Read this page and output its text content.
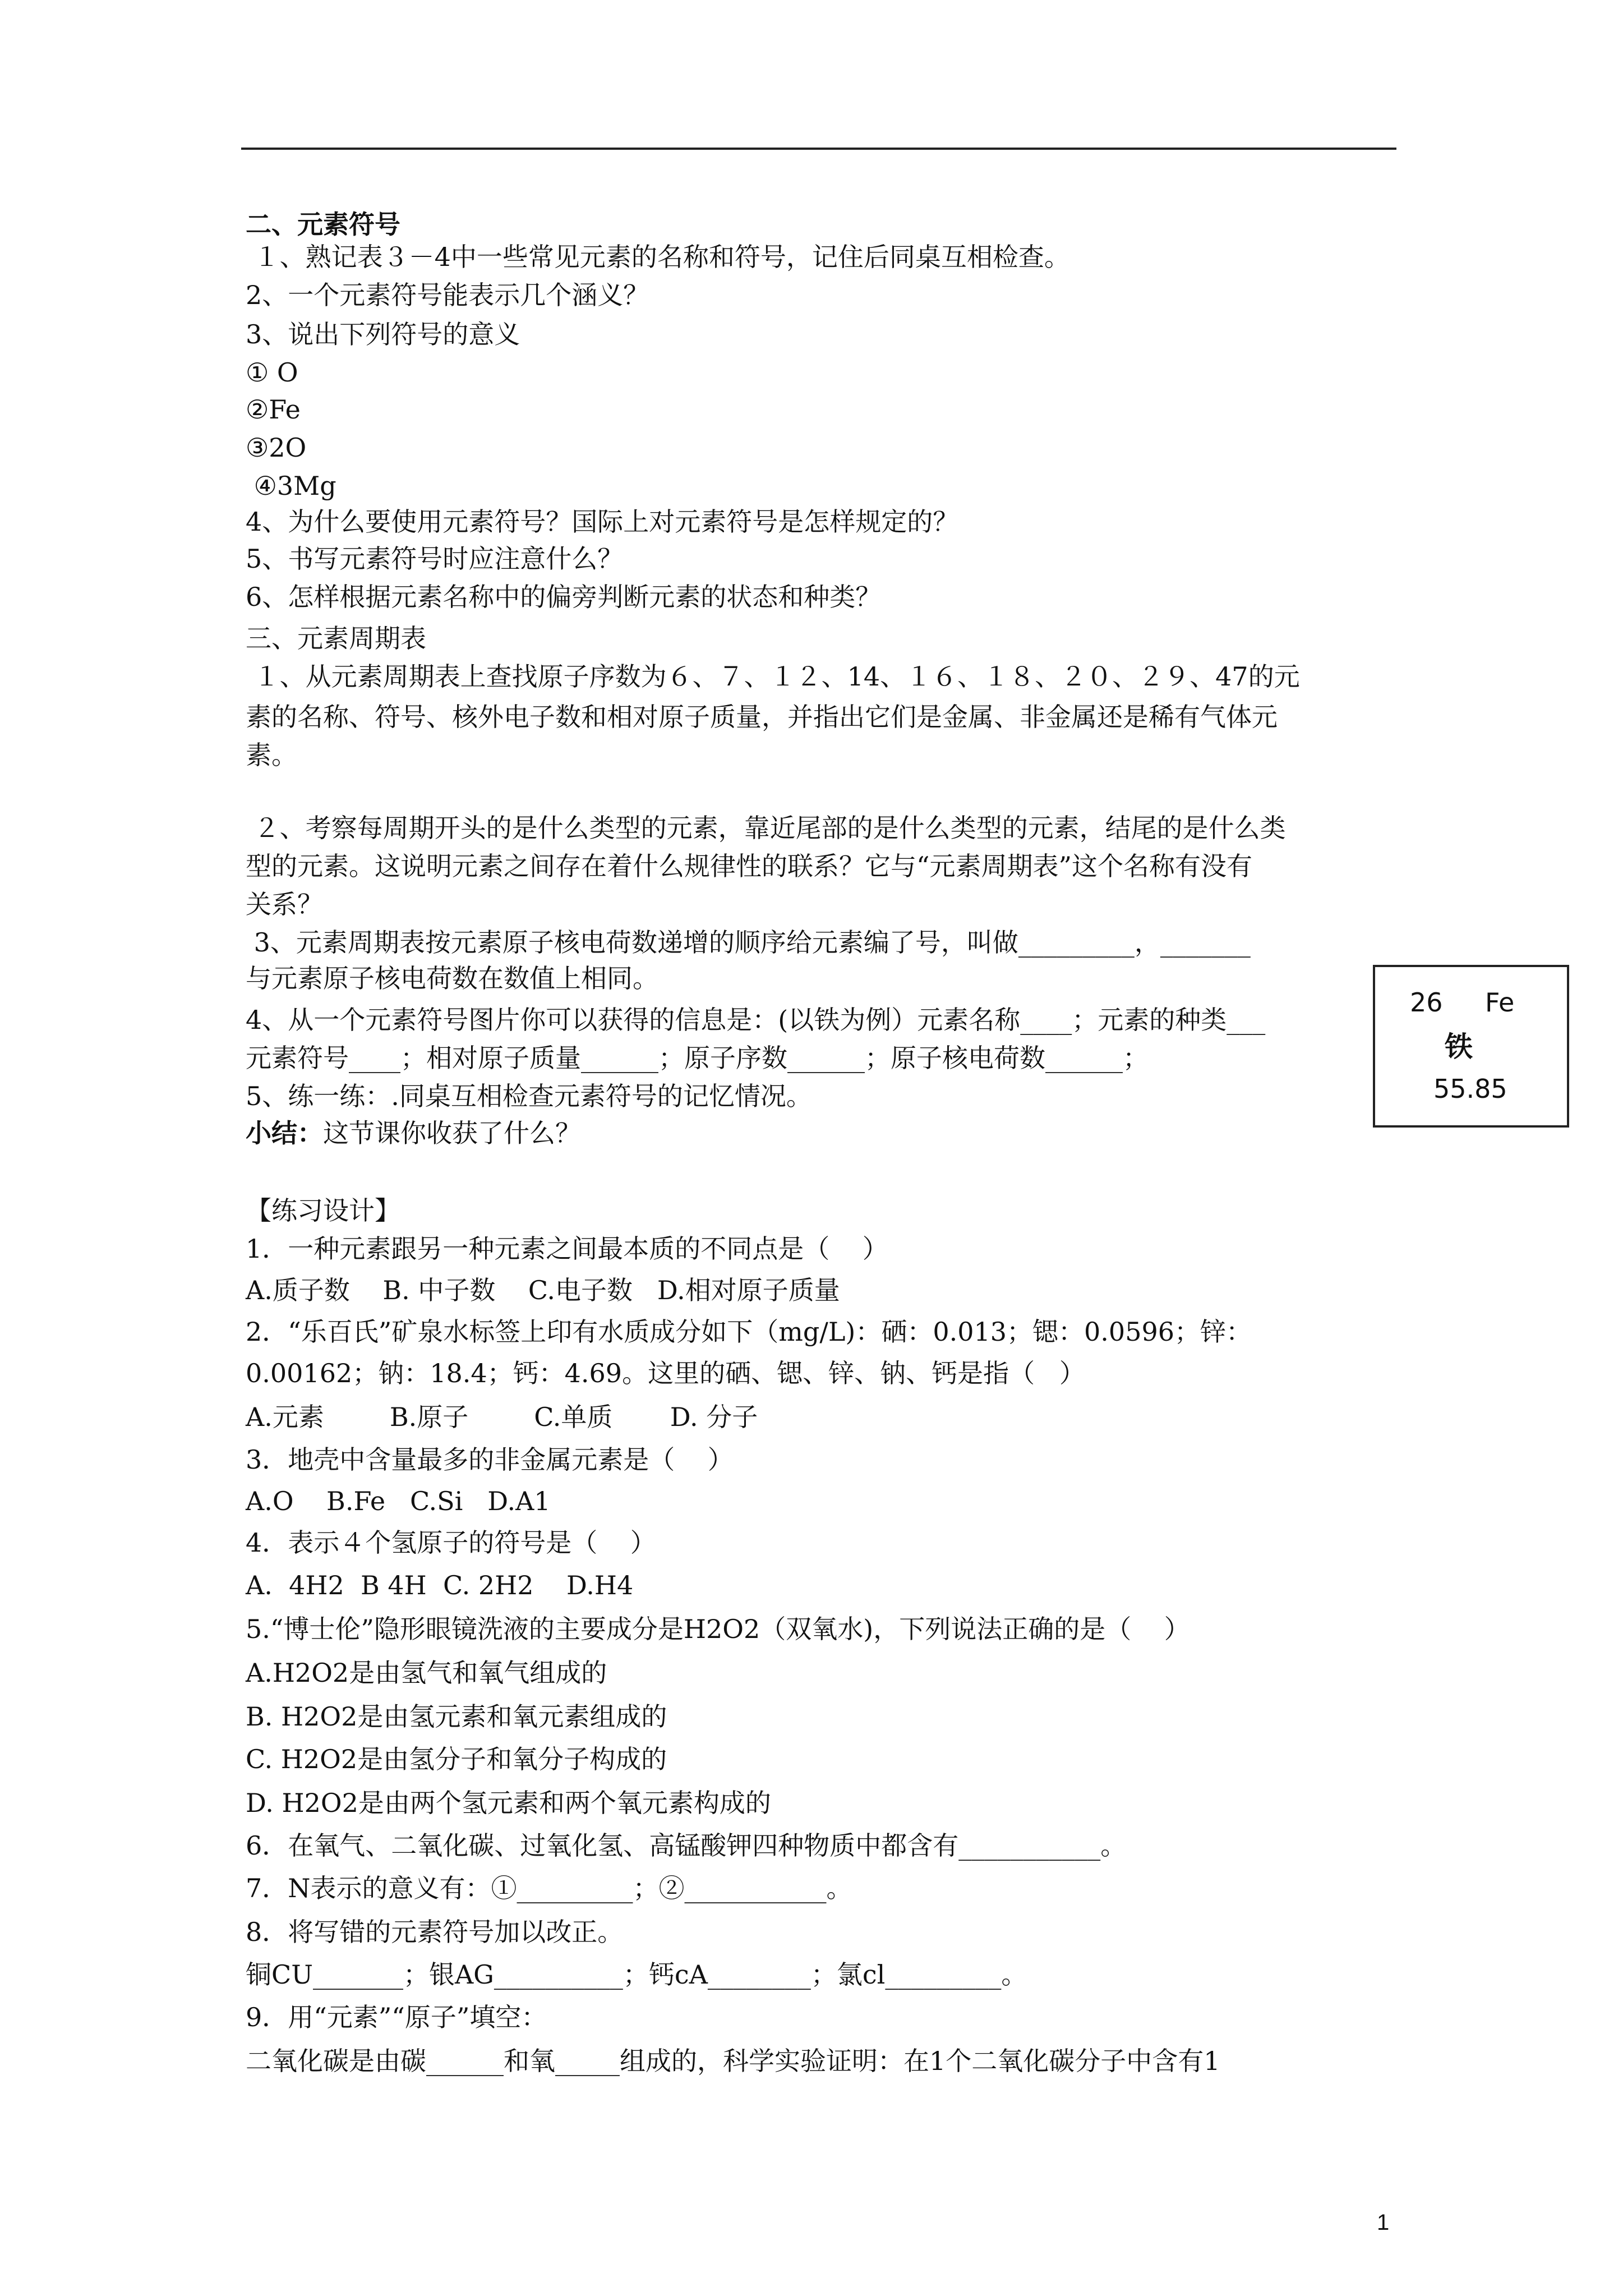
二、元素符号
１、熟记表３－4中一些常见元素的名称和符号，记住后同桌互相检查。
2、一个元素符号能表示几个涵义？
3、说出下列符号的意义
① O
②Fe
③2O
④3Mg
4、为什么要使用元素符号？国际上对元素符号是怎样规定的？
5、书写元素符号时应注意什么？
6、怎样根据元素名称中的偏旁判断元素的状态和种类？
三、元素周期表
１、从元素周期表上查找原子序数为６、７、１２、14、１６、１８、２０、２９、47的元
素的名称、符号、核外电子数和相对原子质量，并指出它们是金属、非金属还是稀有气体元
素。
２、考察每周期开头的是什么类型的元素，靠近尾部的是什么类型的元素，结尾的是什么类
型的元素。这说明元素之间存在着什么规律性的联系？它与“元素周期表”这个名称有没有
关系？
3、元素周期表按元素原子核电荷数递增的顺序给元素编了号，叫做_________，_______
与元素原子核电荷数在数值上相同。
4、从一个元素符号图片你可以获得的信息是：(以铁为例）元素名称____；元素的种类___
元素符号____；相对原子质量______；原子序数______；原子核电荷数______；
5、练一练：.同桌互相检查元素符号的记忆情况。
小结：这节课你收获了什么？
【练习设计】
1．一种元素跟另一种元素之间最本质的不同点是（    ）
A.质子数    B. 中子数    C.电子数   D.相对原子质量
2．“乐百氏”矿泉水标签上印有水质成分如下（mg/L)：硒：0.013；锶：0.0596；锌：
0.00162；钠：18.4；钙：4.69。这里的硒、锶、锌、钠、钙是指（   ）
A.元素        B.原子        C.单质       D. 分子
3．地壳中含量最多的非金属元素是（    ）
A.O    B.Fe   C.Si   D.A1
4．表示４个氢原子的符号是（    ）
A.  4H2  B 4H  C. 2H2    D.H4
5.“博士伦”隐形眼镜洗液的主要成分是H2O2（双氧水)，下列说法正确的是（    ）
A.H2O2是由氢气和氧气组成的
B. H2O2是由氢元素和氧元素组成的
C. H2O2是由氢分子和氧分子构成的
D. H2O2是由两个氢元素和两个氧元素构成的
6．在氧气、二氧化碳、过氧化氢、高锰酸钾四种物质中都含有___________。
7．N表示的意义有：①_________；②___________。
8．将写错的元素符号加以改正。
铜CU_______；银AG__________；钙cA________；氯cl_________。
9．用“元素”“原子”填空：
二氧化碳是由碳______和氧_____组成的，科学实验证明：在1个二氧化碳分子中含有1
26 Fe
铁
55.85
1
